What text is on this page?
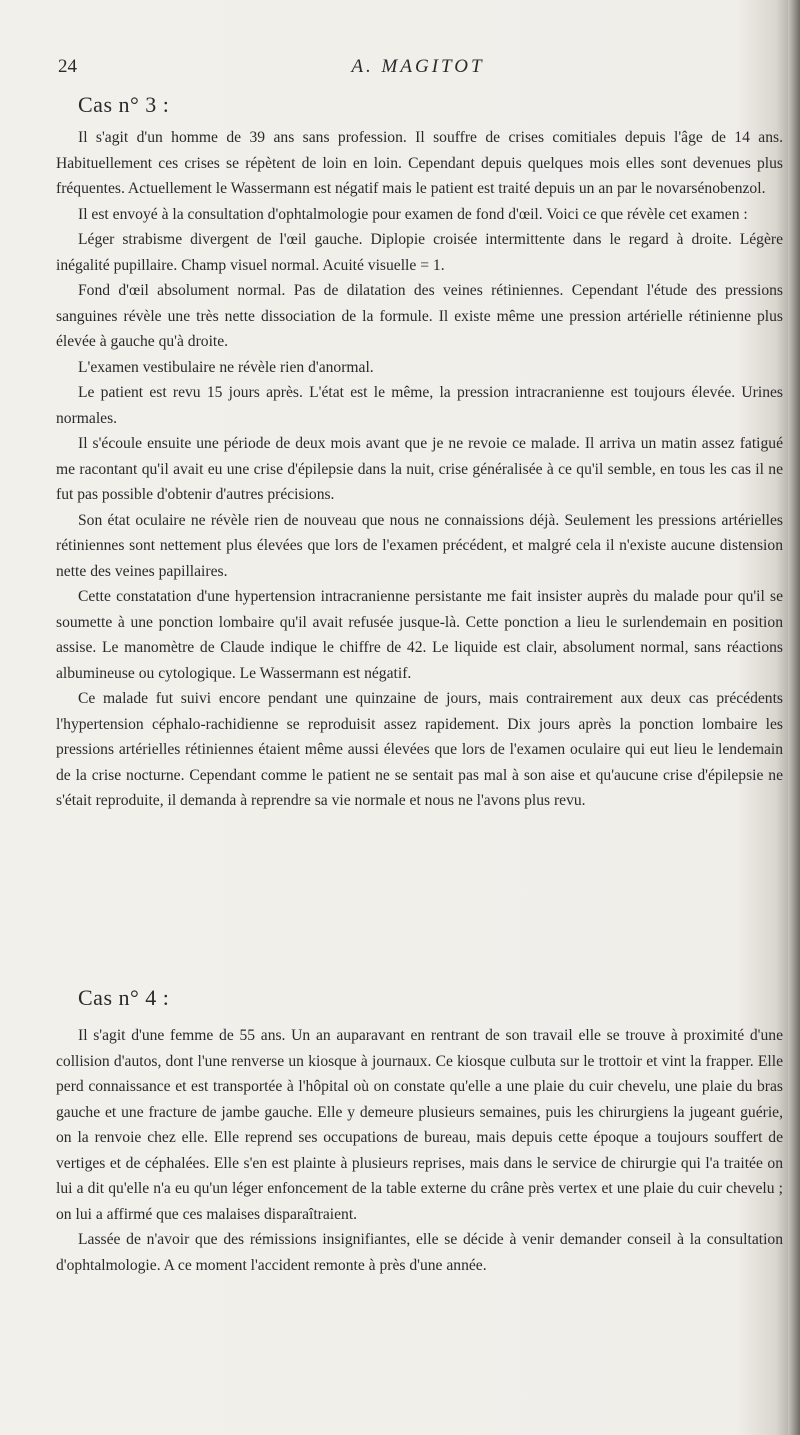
24	A. MAGITOT
Cas n° 3 :

Il s'agit d'un homme de 39 ans sans profession. Il souffre de crises comitiales depuis l'âge de 14 ans. Habituellement ces crises se répètent de loin en loin. Cependant depuis quelques mois elles sont devenues plus fréquentes. Actuellement le Wassermann est négatif mais le patient est traité depuis un an par le novarsénobenzol.

Il est envoyé à la consultation d'ophtalmologie pour examen de fond d'œil. Voici ce que révèle cet examen :

Léger strabisme divergent de l'œil gauche. Diplopie croisée intermittente dans le regard à droite. Légère inégalité pupillaire. Champ visuel normal. Acuité visuelle = 1.

Fond d'œil absolument normal. Pas de dilatation des veines rétiniennes. Cependant l'étude des pressions sanguines révèle une très nette dissociation de la formule. Il existe même une pression artérielle rétinienne plus élevée à gauche qu'à droite.

L'examen vestibulaire ne révèle rien d'anormal.

Le patient est revu 15 jours après. L'état est le même, la pression intracranienne est toujours élevée. Urines normales.

Il s'écoule ensuite une période de deux mois avant que je ne revoie ce malade. Il arriva un matin assez fatigué me racontant qu'il avait eu une crise d'épilepsie dans la nuit, crise généralisée à ce qu'il semble, en tous les cas il ne fut pas possible d'obtenir d'autres précisions.

Son état oculaire ne révèle rien de nouveau que nous ne connaissions déjà. Seulement les pressions artérielles rétiniennes sont nettement plus élevées que lors de l'examen précédent, et malgré cela il n'existe aucune distension nette des veines papillaires.

Cette constatation d'une hypertension intracranienne persistante me fait insister auprès du malade pour qu'il se soumette à une ponction lombaire qu'il avait refusée jusque-là. Cette ponction a lieu le surlendemain en position assise. Le manomètre de Claude indique le chiffre de 42. Le liquide est clair, absolument normal, sans réactions albumineuse ou cytologique. Le Wassermann est négatif.

Ce malade fut suivi encore pendant une quinzaine de jours, mais contrairement aux deux cas précédents l'hypertension céphalo-rachidienne se reproduisit assez rapidement. Dix jours après la ponction lombaire les pressions artérielles rétiniennes étaient même aussi élevées que lors de l'examen oculaire qui eut lieu le lendemain de la crise nocturne. Cependant comme le patient ne se sentait pas mal à son aise et qu'aucune crise d'épilepsie ne s'était reproduite, il demanda à reprendre sa vie normale et nous ne l'avons plus revu.

Cas n° 4 :

Il s'agit d'une femme de 55 ans. Un an auparavant en rentrant de son travail elle se trouve à proximité d'une collision d'autos, dont l'une renverse un kiosque à journaux. Ce kiosque culbuta sur le trottoir et vint la frapper. Elle perd connaissance et est transportée à l'hôpital où on constate qu'elle a une plaie du cuir chevelu, une plaie du bras gauche et une fracture de jambe gauche. Elle y demeure plusieurs semaines, puis les chirurgiens la jugeant guérie, on la renvoie chez elle. Elle reprend ses occupations de bureau, mais depuis cette époque a toujours souffert de vertiges et de céphalées. Elle s'en est plainte à plusieurs reprises, mais dans le service de chirurgie qui l'a traitée on lui a dit qu'elle n'a eu qu'un léger enfoncement de la table externe du crâne près vertex et une plaie du cuir chevelu ; on lui a affirmé que ces malaises disparaîtraient.

Lassée de n'avoir que des rémissions insignifiantes, elle se décide à venir demander conseil à la consultation d'ophtalmologie. A ce moment l'accident remonte à près d'une année.
